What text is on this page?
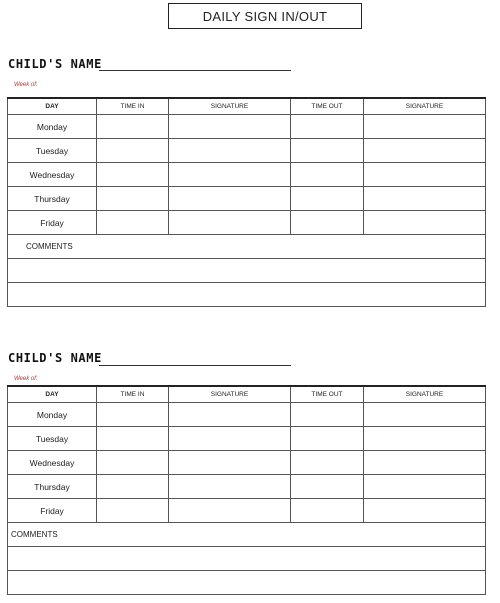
DAILY SIGN IN/OUT
CHILD'S NAME
Week of:
DAY	TIME IN	SIGNATURE	TIME OUT	SIGNATURE
Monday				
Tuesday				
Wednesday				
Thursday				
Friday				
COMMENTS				

CHILD'S NAME
Week of:
DAY	TIME IN	SIGNATURE	TIME OUT	SIGNATURE
Monday				
Tuesday				
Wednesday				
Thursday				
Friday				
COMMENTS				
